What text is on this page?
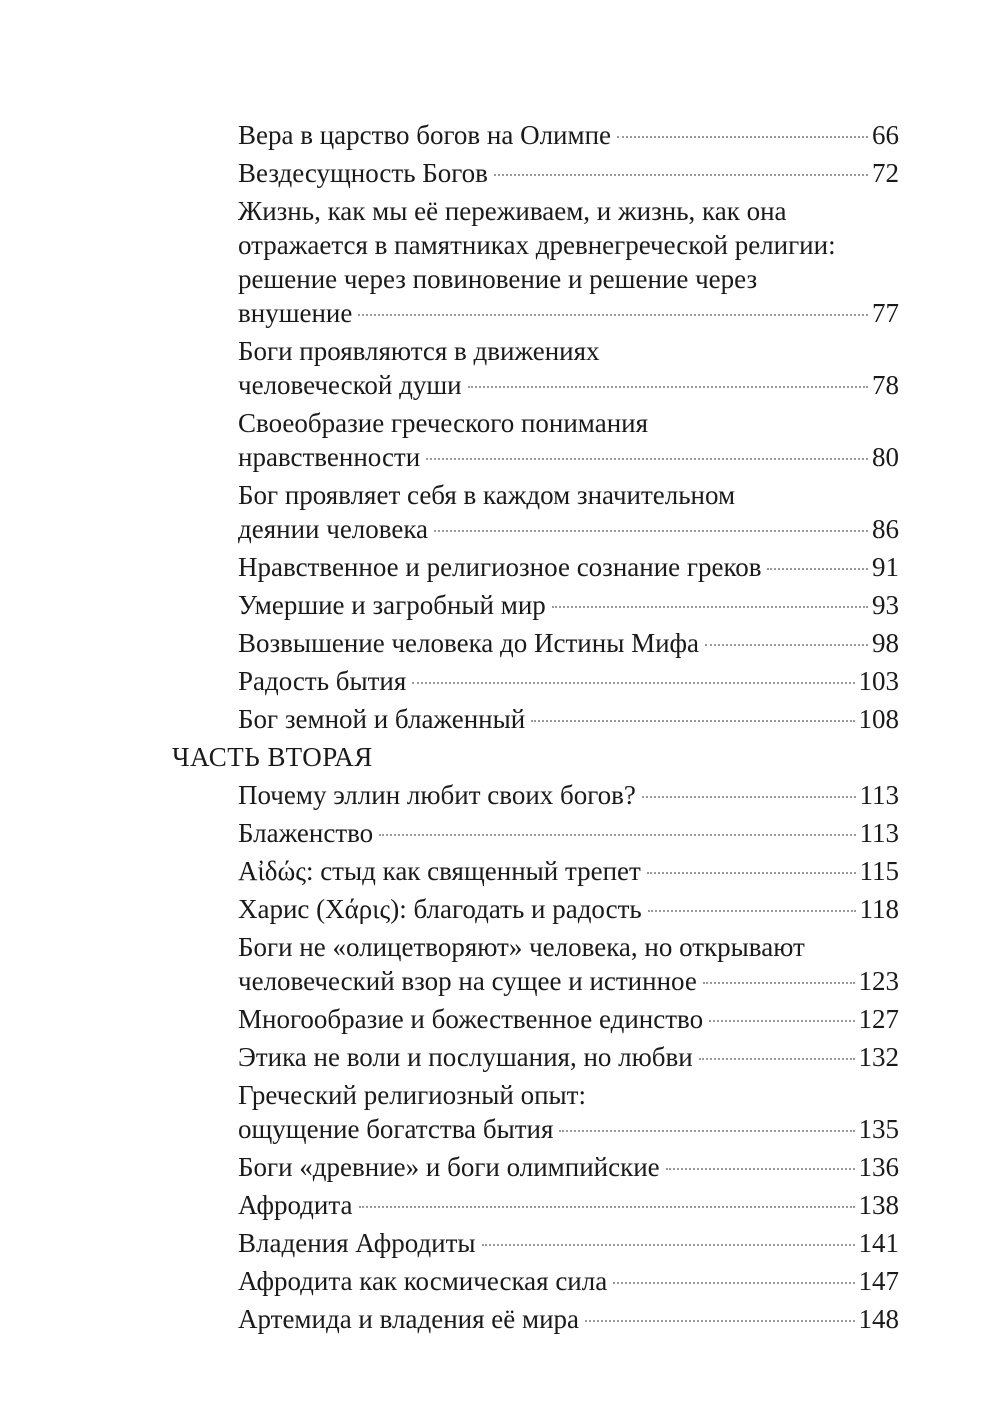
Вера в царство богов на Олимпе	66
Вездесущность Богов	72
Жизнь, как мы её переживаем, и жизнь, как она
отражается в памятниках древнегреческой религии:
решение через повиновение и решение через
внушение	77
Боги проявляются в движениях
человеческой души	78
Своеобразие греческого понимания
нравственности	80
Бог проявляет себя в каждом значительном
деянии человека	86
Нравственное и религиозное сознание греков	91
Умершие и загробный мир	93
Возвышение человека до Истины Мифа	98
Радость бытия	103
Бог земной и блаженный	108
ЧАСТЬ ВТОРАЯ
Почему эллин любит своих богов?	113
Блаженство	113
Αἰδώς: стыд как священный трепет	115
Харис (Χάρις): благодать и радость	118
Боги не «олицетворяют» человека, но открывают
человеческий взор на сущее и истинное	123
Многообразие и божественное единство	127
Этика не воли и послушания, но любви	132
Греческий религиозный опыт:
ощущение богатства бытия	135
Боги «древние» и боги олимпийские	136
Афродита	138
Владения Афродиты	141
Афродита как космическая сила	147
Артемида и владения её мира	148
